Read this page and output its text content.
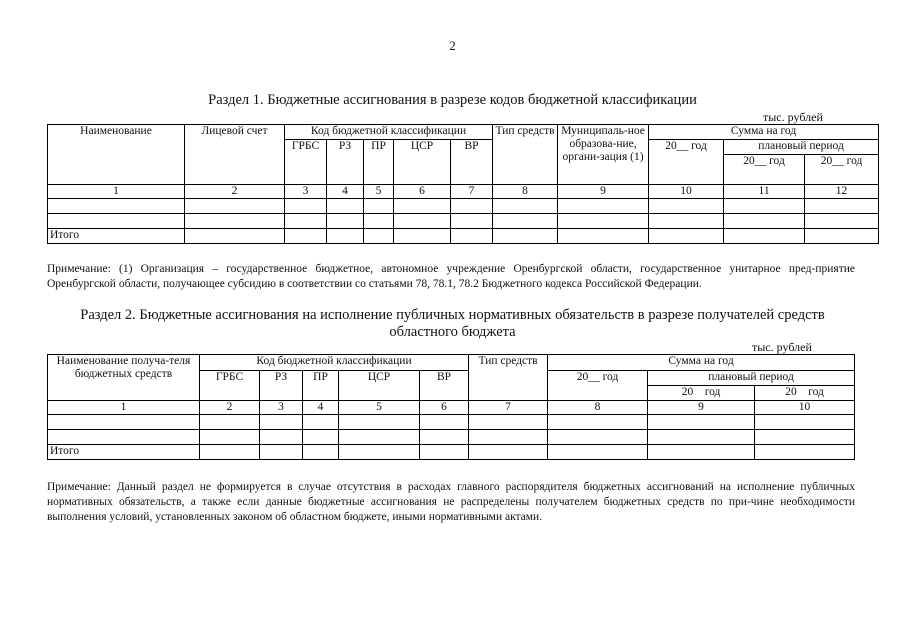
2
Раздел 1. Бюджетные ассигнования в разрезе кодов бюджетной классификации
тыс. рублей
Наименование	Лицевой счет	Код бюджетной классификации					Тип средств	Муниципаль-ное образова-ние, органи-зация (1)	Сумма на год		
		ГРБС	РЗ	ПР	ЦСР	ВР			20__ год	плановый период	
										20__ год	20__ год
1	2	3	4	5	6	7	8	9	10	11	12

Итого											
Примечание: (1) Организация – государственное бюджетное, автономное учреждение Оренбургской области, государственное унитарное пред-приятие Оренбургской области, получающее субсидию в соответствии со статьями 78, 78.1, 78.2 Бюджетного кодекса Российской Федерации.
Раздел 2. Бюджетные ассигнования на исполнение публичных нормативных обязательств в разрезе получателей средств
областного бюджета
тыс. рублей
Наименование получа-теля бюджетных средств	Код бюджетной классификации					Тип средств	Сумма на год		
	ГРБС	РЗ	ПР	ЦСР	ВР		20__ год	плановый период	
								20    год	20    год
1	2	3	4	5	6	7	8	9	10

Итого									
Примечание: Данный раздел не формируется в случае отсутствия в расходах главного распорядителя бюджетных ассигнований на исполнение публичных нормативных обязательств, а также если данные бюджетные ассигнования не распределены получателем бюджетных средств по при-чине необходимости выполнения условий, установленных законом об областном бюджете, иными нормативными актами.
